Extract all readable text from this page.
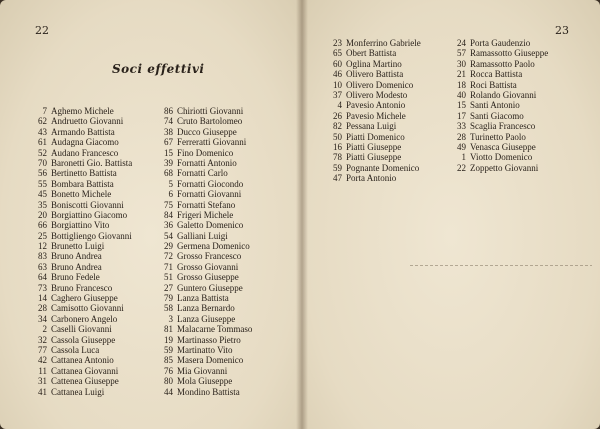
22
Soci effettivi
7 Aghemo Michele
62 Andruetto Giovanni
43 Armando Battista
61 Audagna Giacomo
52 Audano Francesco
70 Baronetti Gio. Battista
56 Bertinetto Battista
55 Bombara Battista
45 Bonetto Michele
35 Boniscotti Giovanni
20 Borgiattino Giacomo
66 Borgiattino Vito
25 Bottigliengo Giovanni
12 Brunetto Luigi
83 Bruno Andrea
63 Bruno Andrea
64 Bruno Fedele
73 Bruno Francesco
14 Caghero Giuseppe
28 Camisotto Giovanni
34 Carbonero Angelo
2 Caselli Giovanni
32 Cassola Giuseppe
77 Cassola Luca
42 Cattanea Antonio
11 Cattanea Giovanni
31 Cattenea Giuseppe
41 Cattanea Luigi
86 Chiriotti Giovanni
74 Cruto Bartolomeo
38 Ducco Giuseppe
67 Ferreratti Giovanni
15 Fino Domenico
39 Fornatti Antonio
68 Fornatti Carlo
5 Fornatti Giocondo
6 Fornatti Giovanni
75 Fornatti Stefano
84 Frigeri Michele
36 Galetto Domenico
54 Galliani Luigi
29 Germena Domenico
72 Grosso Francesco
71 Grosso Giovanni
51 Grosso Giuseppe
27 Guntero Giuseppe
79 Lanza Battista
58 Lanza Bernardo
3 Lanza Giuseppe
81 Malacarne Tommaso
19 Martinasso Pietro
59 Martinatto Vito
85 Masera Domenico
76 Mia Giovanni
80 Mola Giuseppe
44 Mondino Battista
23
23 Monferrino Gabriele
65 Obert Battista
60 Oglina Martino
46 Olivero Battista
10 Olivero Domenico
37 Olivero Modesto
4 Pavesio Antonio
26 Pavesio Michele
82 Pessana Luigi
50 Piatti Domenico
16 Piatti Giuseppe
78 Piatti Giuseppe
59 Pognante Domenico
47 Porta Antonio
24 Porta Gaudenzio
57 Ramassotto Giuseppe
30 Ramassotto Paolo
21 Rocca Battista
18 Roci Battista
40 Rolando Giovanni
15 Santi Antonio
17 Santi Giacomo
33 Scaglia Francesco
28 Turinetto Paolo
49 Venasca Giuseppe
1 Viotto Domenico
22 Zoppetto Giovanni
